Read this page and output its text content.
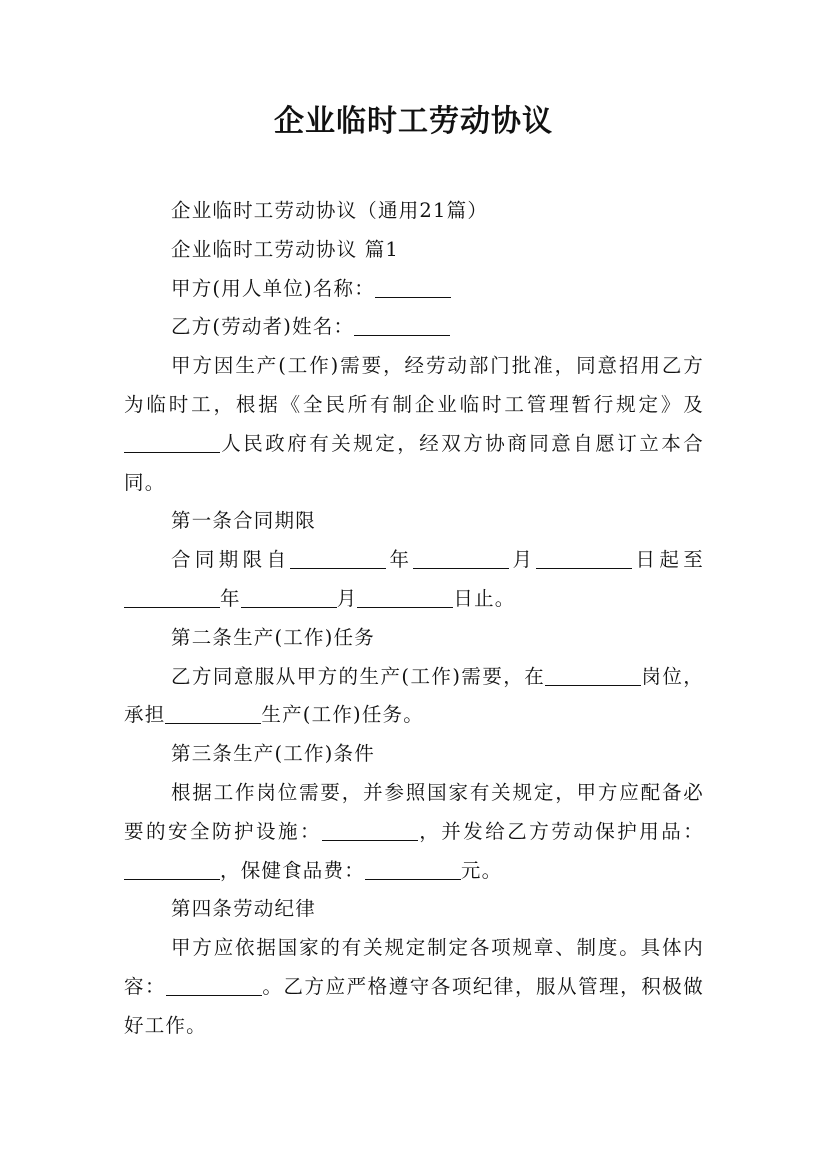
企业临时工劳动协议

企业临时工劳动协议（通用21篇）

企业临时工劳动协议 篇1

甲方(用人单位)名称：

乙方(劳动者)姓名：

甲方因生产(工作)需要，经劳动部门批准，同意招用乙方为临时工，根据《全民所有制企业临时工管理暂行规定》及人民政府有关规定，经双方协商同意自愿订立本合同。

第一条合同期限

合同期限自	年	月	日起至年	月	日止。

第二条生产(工作)任务

乙方同意服从甲方的生产(工作)需要，在	岗位，承担	生产(工作)任务。

第三条生产(工作)条件

根据工作岗位需要，并参照国家有关规定，甲方应配备必要的安全防护设施：	，并发给乙方劳动保护用品：，保健食品费：	元。

第四条劳动纪律

甲方应依据国家的有关规定制定各项规章、制度。具体内容：	。乙方应严格遵守各项纪律，服从管理，积极做好工作。
